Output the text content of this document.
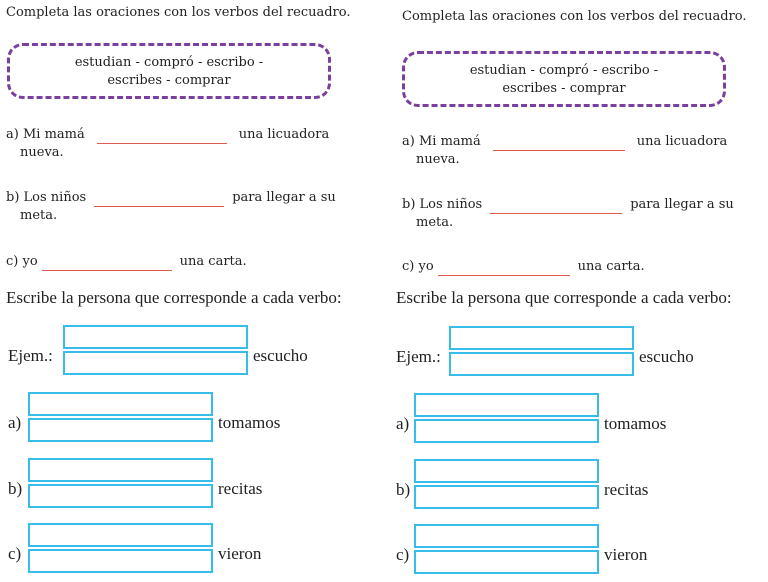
Completa las oraciones con los verbos del recuadro.
estudian - compró - escribo -
escribes - comprar
a)
Mi mamá	una licuadora
nueva.
b)
Los niños	para llegar a su
meta.
c)
yo	una carta.
Escribe la persona que corresponde a cada verbo:
Ejem.:	escucho
a)	tomamos
b)	recitas
c)	vieron
Completa las oraciones con los verbos del recuadro.
estudian - compró - escribo -
escribes - comprar
a)
Mi mamá	una licuadora
nueva.
b)
Los niños	para llegar a su
meta.
c)
yo	una carta.
Escribe la persona que corresponde a cada verbo:
Ejem.:	escucho
a)	tomamos
b)	recitas
c)	vieron
